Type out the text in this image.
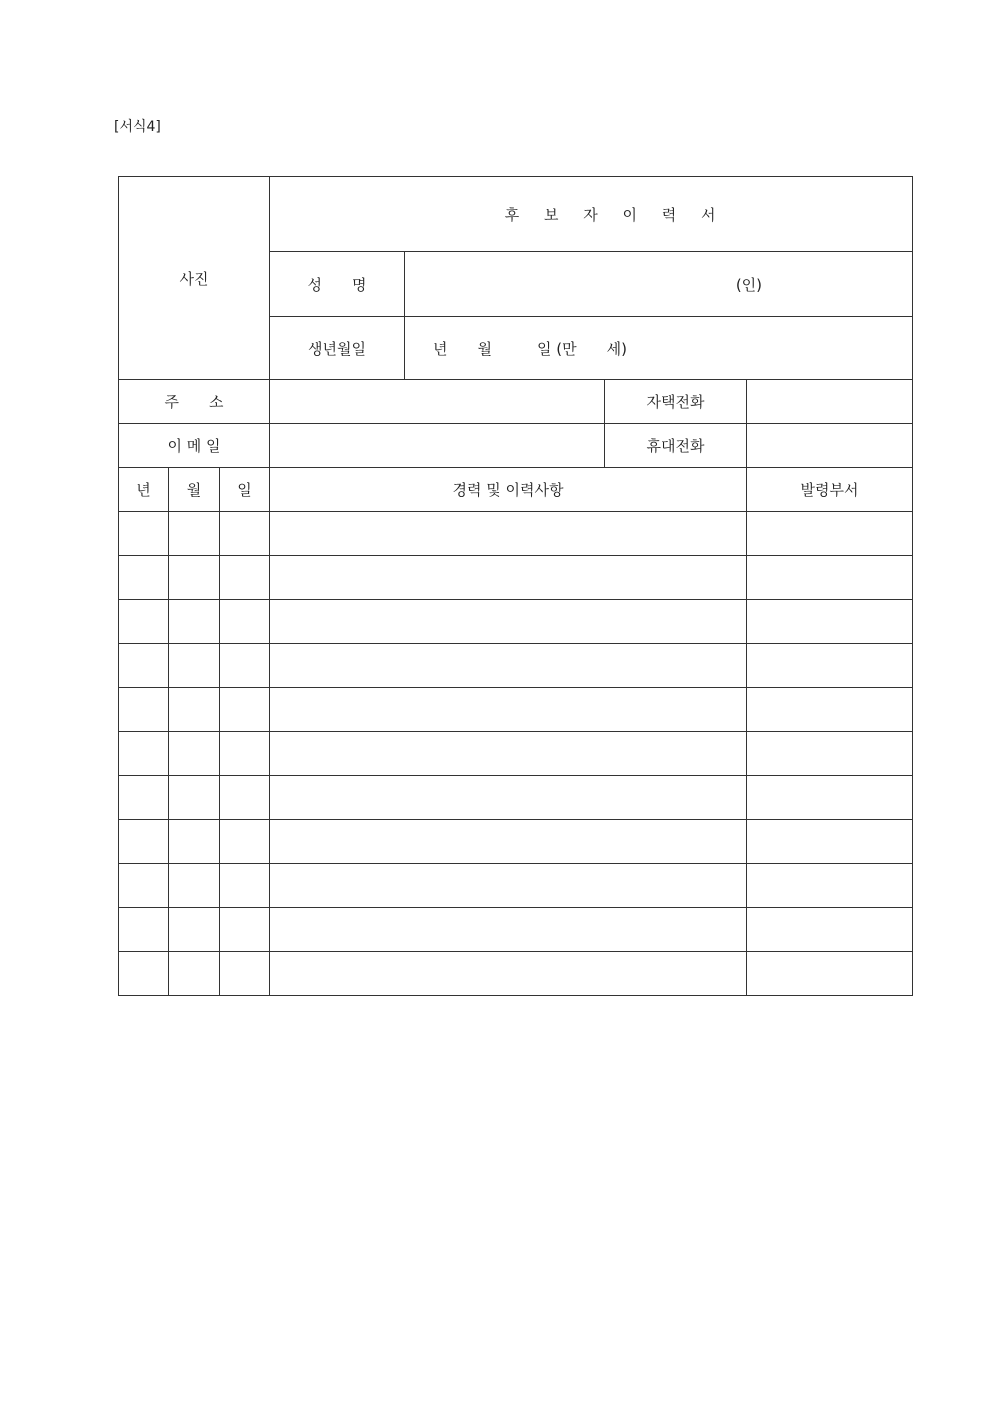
[서식4]
사진			후 보 자 이 력 서			

			성　　명	(인)		
			생년월일	년　　월　　　일 (만　　세)		
주　　소					자택전화	
이 메 일					휴대전화	
년	월	일	경력 및 이력사항			발령부서
